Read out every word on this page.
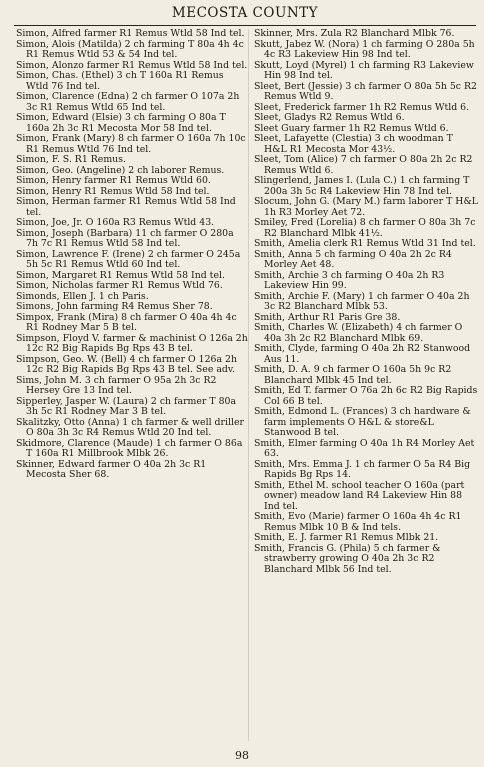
MECOSTA COUNTY

Simon, Alfred farmer R1 Remus Wtld 58 Ind tel.

Simon, Alois (Matilda) 2 ch farming T 80a 4h 4c R1 Remus Wtld 53 & 54 Ind tel.

Simon, Alonzo farmer R1 Remus Wtld 58 Ind tel.

Simon, Chas. (Ethel) 3 ch T 160a R1 Remus Wtld 76 Ind tel.

Simon, Clarence (Edna) 2 ch farmer O 107a 2h 3c R1 Remus Wtld 65 Ind tel.

Simon, Edward (Elsie) 3 ch farming O 80a T 160a 2h 3c R1 Mecosta Mor 58 Ind tel.

Simon, Frank (Mary) 8 ch farmer O 160a 7h 10c R1 Remus Wtld 76 Ind tel.

Simon, F. S. R1 Remus.

Simon, Geo. (Angeline) 2 ch laborer Remus.

Simon, Henry farmer R1 Remus Wtld 60.

Simon, Henry R1 Remus Wtld 58 Ind tel.

Simon, Herman farmer R1 Remus Wtld 58 Ind tel.

Simon, Joe, Jr. O 160a R3 Remus Wtld 43.

Simon, Joseph (Barbara) 11 ch farmer O 280a 7h 7c R1 Remus Wtld 58 Ind tel.

Simon, Lawrence F. (Irene) 2 ch farmer O 245a 5h 5c R1 Remus Wtld 60 Ind tel.

Simon, Margaret R1 Remus Wtld 58 Ind tel.

Simon, Nicholas farmer R1 Remus Wtld 76.

Simonds, Ellen J. 1 ch Paris.

Simons, John farming R4 Remus Sher 78.

Simpox, Frank (Mira) 8 ch farmer O 40a 4h 4c R1 Rodney Mar 5 B tel.

Simpson, Floyd V. farmer & machinist O 126a 2h 12c R2 Big Rapids Bg Rps 43 B tel.

Simpson, Geo. W. (Bell) 4 ch farmer O 126a 2h 12c R2 Big Rapids Bg Rps 43 B tel. See adv.

Sims, John M. 3 ch farmer O 95a 2h 3c R2 Hersey Gre 13 Ind tel.

Sipperley, Jasper W. (Laura) 2 ch farmer T 80a 3h 5c R1 Rodney Mar 3 B tel.

Skalitzky, Otto (Anna) 1 ch farmer & well driller O 80a 3h 3c R4 Remus Wtld 20 Ind tel.

Skidmore, Clarence (Maude) 1 ch farmer O 86a T 160a R1 Millbrook Mlbk 26.

Skinner, Edward farmer O 40a 2h 3c R1 Mecosta Sher 68.

Skinner, Mrs. Zula R2 Blanchard Mlbk 76.

Skutt, Jabez W. (Nora) 1 ch farming O 280a 5h 4c R3 Lakeview Hin 98 Ind tel.

Skutt, Loyd (Myrel) 1 ch farming R3 Lakeview Hin 98 Ind tel.

Sleet, Bert (Jessie) 3 ch farmer O 80a 5h 5c R2 Remus Wtld 9.

Sleet, Frederick farmer 1h R2 Remus Wtld 6.

Sleet, Gladys R2 Remus Wtld 6.

Sleet Guary farmer 1h R2 Remus Wtld 6.

Sleet, Lafayette (Clestia) 3 ch woodman T H&L R1 Mecosta Mor 43½.

Sleet, Tom (Alice) 7 ch farmer O 80a 2h 2c R2 Remus Wtld 6.

Slingerlend, James I. (Lula C.) 1 ch farming T 200a 3h 5c R4 Lakeview Hin 78 Ind tel.

Slocum, John G. (Mary M.) farm laborer T H&L 1h R3 Morley Aet 72.

Smiley, Fred (Lorelia) 8 ch farmer O 80a 3h 7c R2 Blanchard Mlbk 41½.

Smith, Amelia clerk R1 Remus Wtld 31 Ind tel.

Smith, Anna 5 ch farming O 40a 2h 2c R4 Morley Aet 48.

Smith, Archie 3 ch farming O 40a 2h R3 Lakeview Hin 99.

Smith, Archie F. (Mary) 1 ch farmer O 40a 2h 3c R2 Blanchard Mlbk 53.

Smith, Arthur R1 Paris Gre 38.

Smith, Charles W. (Elizabeth) 4 ch farmer O 40a 3h 2c R2 Blanchard Mlbk 69.

Smith, Clyde, farming O 40a 2h R2 Stanwood Aus 11.

Smith, D. A. 9 ch farmer O 160a 5h 9c R2 Blanchard Mlbk 45 Ind tel.

Smith, Ed T. farmer O 76a 2h 6c R2 Big Rapids Col 66 B tel.

Smith, Edmond L. (Frances) 3 ch hardware & farm implements O H&L & store&L Stanwood B tel.

Smith, Elmer farming O 40a 1h R4 Morley Aet 63.

Smith, Mrs. Emma J. 1 ch farmer O 5a R4 Big Rapids Bg Rps 14.

Smith, Ethel M. school teacher O 160a (part owner) meadow land R4 Lakeview Hin 88 Ind tel.

Smith, Evo (Marie) farmer O 160a 4h 4c R1 Remus Mlbk 10 B & Ind tels.

Smith, E. J. farmer R1 Remus Mlbk 21.

Smith, Francis G. (Phila) 5 ch farmer & strawberry growing O 40a 2h 3c R2 Blanchard Mlbk 56 Ind tel.

98
